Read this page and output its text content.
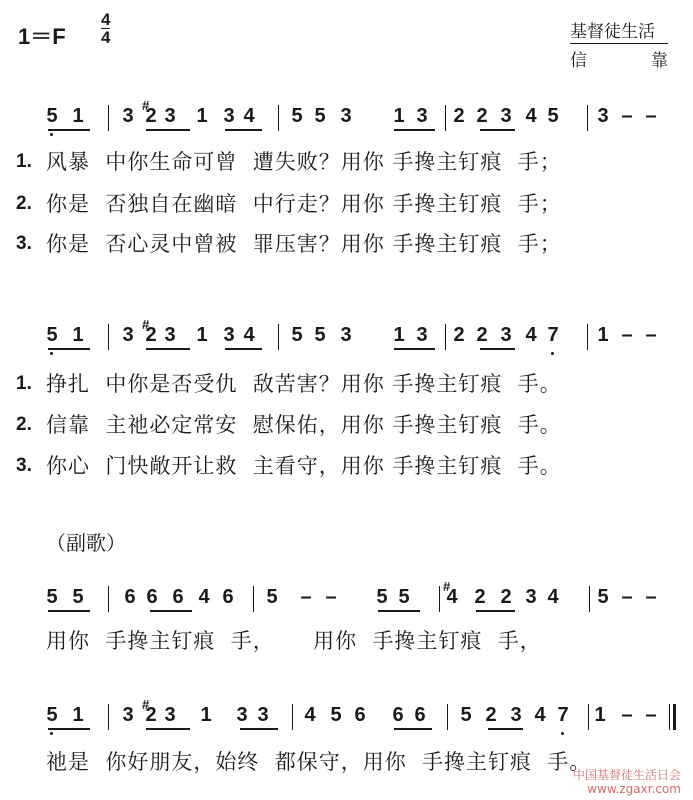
1＝F
4
4	基督徒生活
信	靠
5 1 3 #
2 3 1 3 4 5 5 3 1 3 2 2 3 4 5 3 – –
5 1 3 #
2 3 1 3 4 5 5 3 1 3 2 2 3 4 7 1 – –
5 5 6 6 6 4 6 5 – – 5 5	#
4 2 2 3 4 5 – –
5 1 3 #
2 3 1 3 3 4 5 6 6 6 5 2 3 4 7 1 – –
1. 风暴  中你生命可曾  遭失败？用你 手搀主钉痕  手；
2. 你是  否独自在幽暗  中行走？用你 手搀主钉痕  手；
3. 你是  否心灵中曾被  罪压害？用你 手搀主钉痕  手；
1. 挣扎  中你是否受仇  敌苦害？用你 手搀主钉痕  手。
2. 信靠  主祂必定常安  慰保佑，用你 手搀主钉痕  手。
3. 你心  门快敞开让救  主看守，用你 手搀主钉痕  手。
用你  手搀主钉痕  手，     用你  手搀主钉痕  手，
祂是  你好朋友，始终  都保守，用你  手搀主钉痕  手。
（副歌）
中国基督徒生活日会
www.zgaxr.com
